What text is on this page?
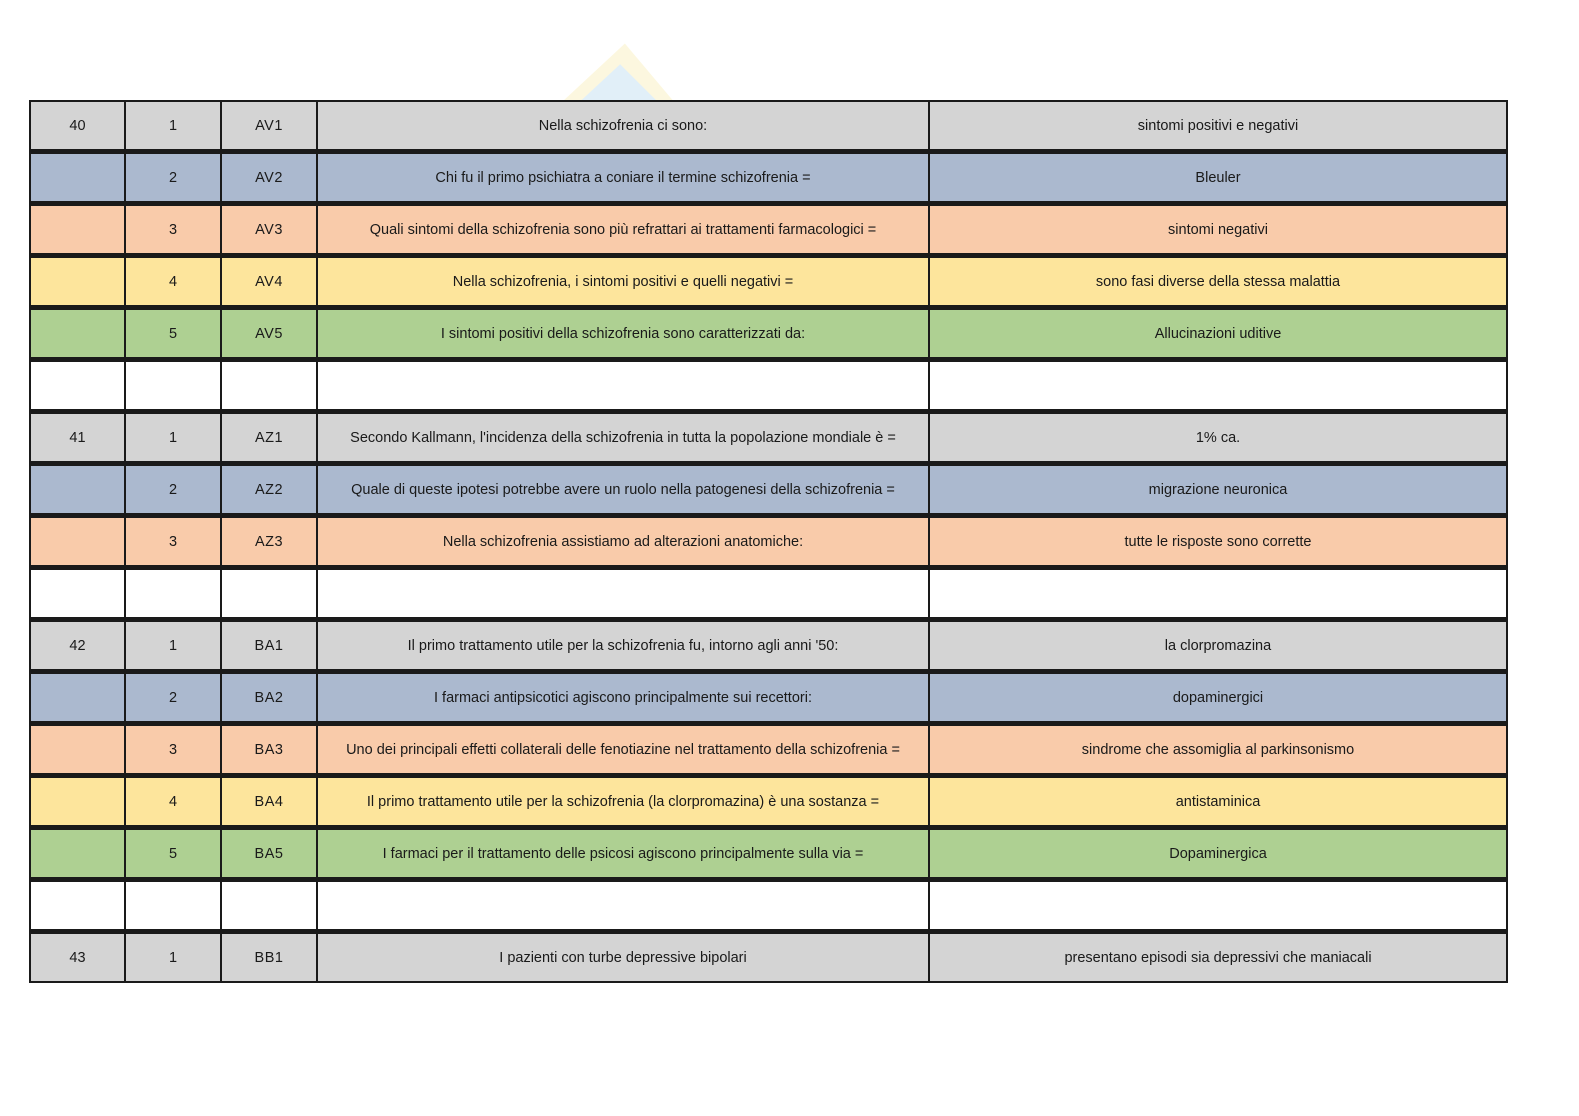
40	1	AV1	Nella schizofrenia ci sono:	sintomi positivi e negativi
	2	AV2	Chi fu il primo psichiatra a coniare il termine schizofrenia =	Bleuler
	3	AV3	Quali sintomi della schizofrenia sono più refrattari ai trattamenti farmacologici =	sintomi negativi
	4	AV4	Nella schizofrenia, i sintomi positivi e quelli negativi =	sono fasi diverse della stessa malattia
	5	AV5	I sintomi positivi della schizofrenia sono caratterizzati da:	Allucinazioni uditive

41	1	AZ1	Secondo Kallmann, l'incidenza della schizofrenia in tutta la popolazione mondiale è =	1% ca.
	2	AZ2	Quale di queste ipotesi potrebbe avere un ruolo nella patogenesi della schizofrenia =	migrazione neuronica
	3	AZ3	Nella schizofrenia assistiamo ad alterazioni anatomiche:	tutte le risposte sono corrette

42	1	BA1	Il primo trattamento utile per la schizofrenia fu, intorno agli anni '50:	la clorpromazina
	2	BA2	I farmaci antipsicotici agiscono principalmente sui recettori:	dopaminergici
	3	BA3	Uno dei principali effetti collaterali delle fenotiazine nel trattamento della schizofrenia =	sindrome che assomiglia al parkinsonismo
	4	BA4	Il primo trattamento utile per la schizofrenia (la clorpromazina) è una sostanza =	antistaminica
	5	BA5	I farmaci per il trattamento delle psicosi agiscono principalmente sulla via =	Dopaminergica

43	1	BB1	I pazienti con turbe depressive bipolari	presentano episodi sia depressivi che maniacali
